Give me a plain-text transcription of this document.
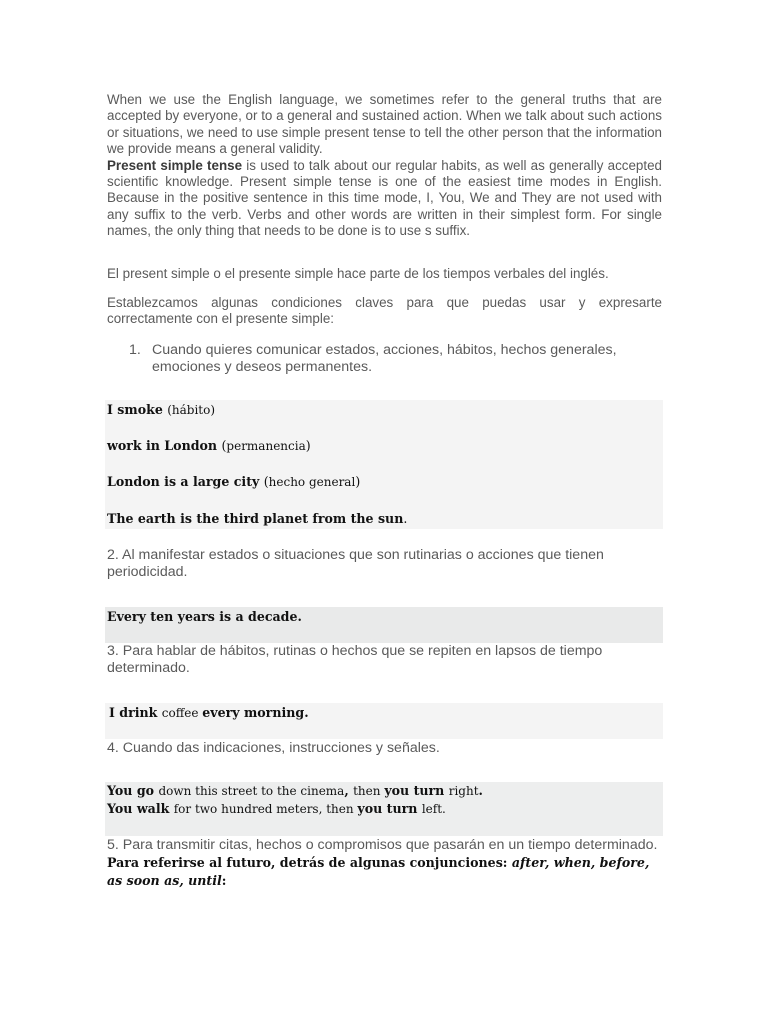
When we use the English language, we sometimes refer to the general truths that are accepted by everyone, or to a general and sustained action. When we talk about such actions or situations, we need to use simple present tense to tell the other person that the information we provide means a general validity.
Present simple tense is used to talk about our regular habits, as well as generally accepted scientific knowledge. Present simple tense is one of the easiest time modes in English. Because in the positive sentence in this time mode, I, You, We and They are not used with any suffix to the verb. Verbs and other words are written in their simplest form. For single names, the only thing that needs to be done is to use s suffix.

El present simple o el presente simple hace parte de los tiempos verbales del inglés.

Establezcamos algunas condiciones claves para que puedas usar y expresarte correctamente con el presente simple:

1. Cuando quieres comunicar estados, acciones, hábitos, hechos generales, emociones y deseos permanentes.
I smoke (hábito)
work in London (permanencia)
London is a large city (hecho general)
The earth is the third planet from the sun.

2. Al manifestar estados o situaciones que son rutinarias o acciones que tienen periodicidad.

Every ten years is a decade.

3. Para hablar de hábitos, rutinas o hechos que se repiten en lapsos de tiempo determinado.

I drink coffee every morning.

4. Cuando das indicaciones, instrucciones y señales.

You go down this street to the cinema, then you turn right.
You walk for two hundred meters, then you turn left.

5. Para transmitir citas, hechos o compromisos que pasarán en un tiempo determinado. Para referirse al futuro, detrás de algunas conjunciones: after, when, before, as soon as, until:
